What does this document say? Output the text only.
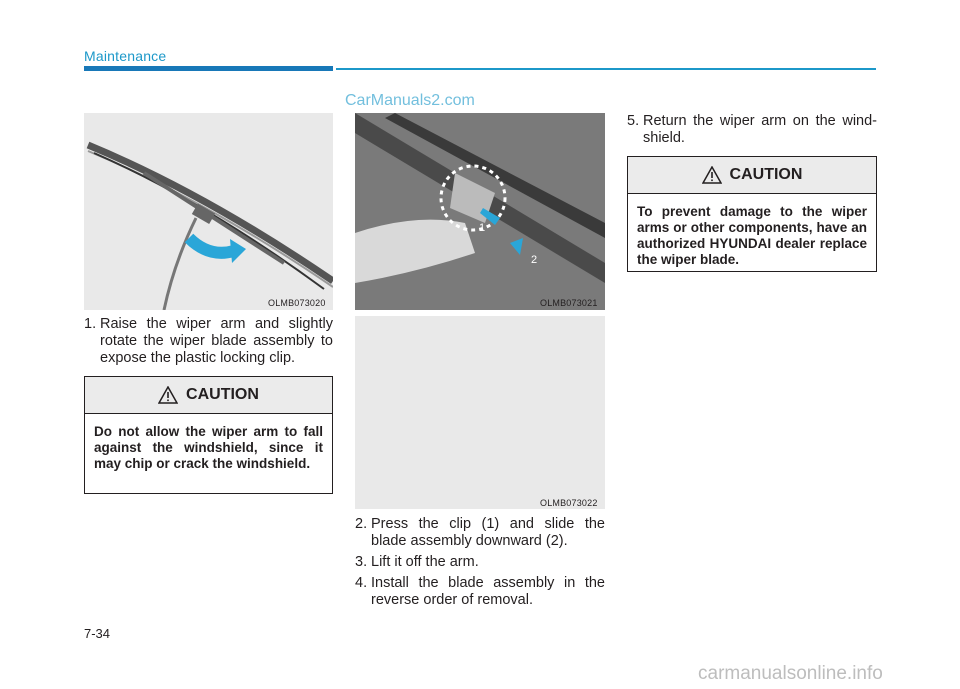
Maintenance
CarManuals2.com
OLMB073020
1
2
OLMB073021
OLMB073022
1. Raise the wiper arm and slightly rotate the wiper blade assembly to expose the plastic locking clip.
CAUTION
Do not allow the wiper arm to fall against the windshield, since it may chip or crack the windshield.
2. Press the clip (1) and slide the blade assembly downward (2).
3. Lift it off the arm.
4. Install the blade assembly in the reverse order of removal.
5. Return the wiper arm on the wind- shield.
CAUTION
To prevent damage to the wiper arms or other components, have an authorized HYUNDAI dealer replace the wiper blade.
7-34
carmanualsonline.info
